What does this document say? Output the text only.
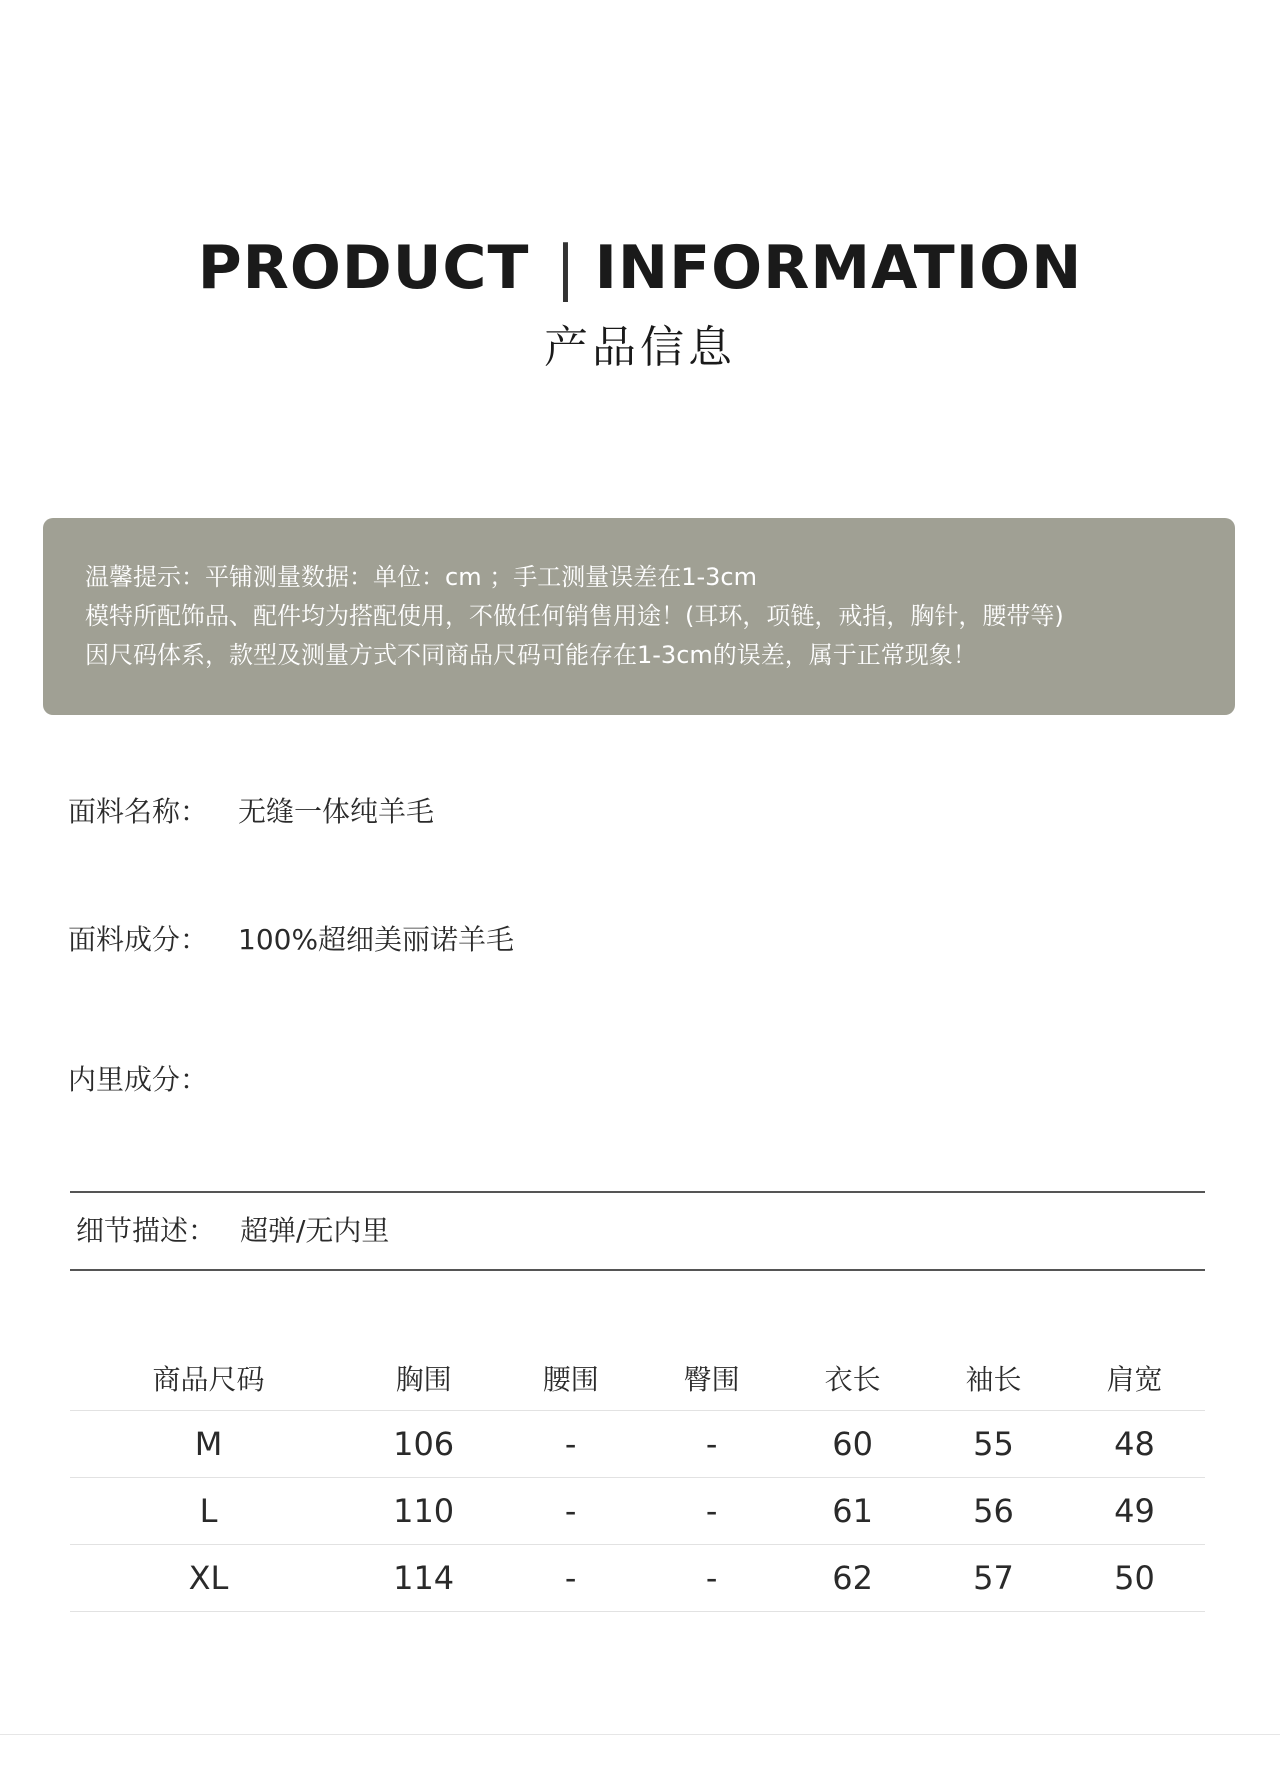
PRODUCT | INFORMATION
产品信息
温馨提示：平铺测量数据：单位：cm ；手工测量误差在1-3cm
模特所配饰品、配件均为搭配使用，不做任何销售用途！(耳环，项链，戒指，胸针，腰带等)
因尺码体系，款型及测量方式不同商品尺码可能存在1-3cm的误差，属于正常现象！
面料名称： 无缝一体纯羊毛
面料成分： 100%超细美丽诺羊毛
内里成分：
细节描述： 超弹/无内里
商品尺码	胸围	腰围	臀围	衣长	袖长	肩宽
M	106	-	-	60	55	48
L	110	-	-	61	56	49
XL	114	-	-	62	57	50
